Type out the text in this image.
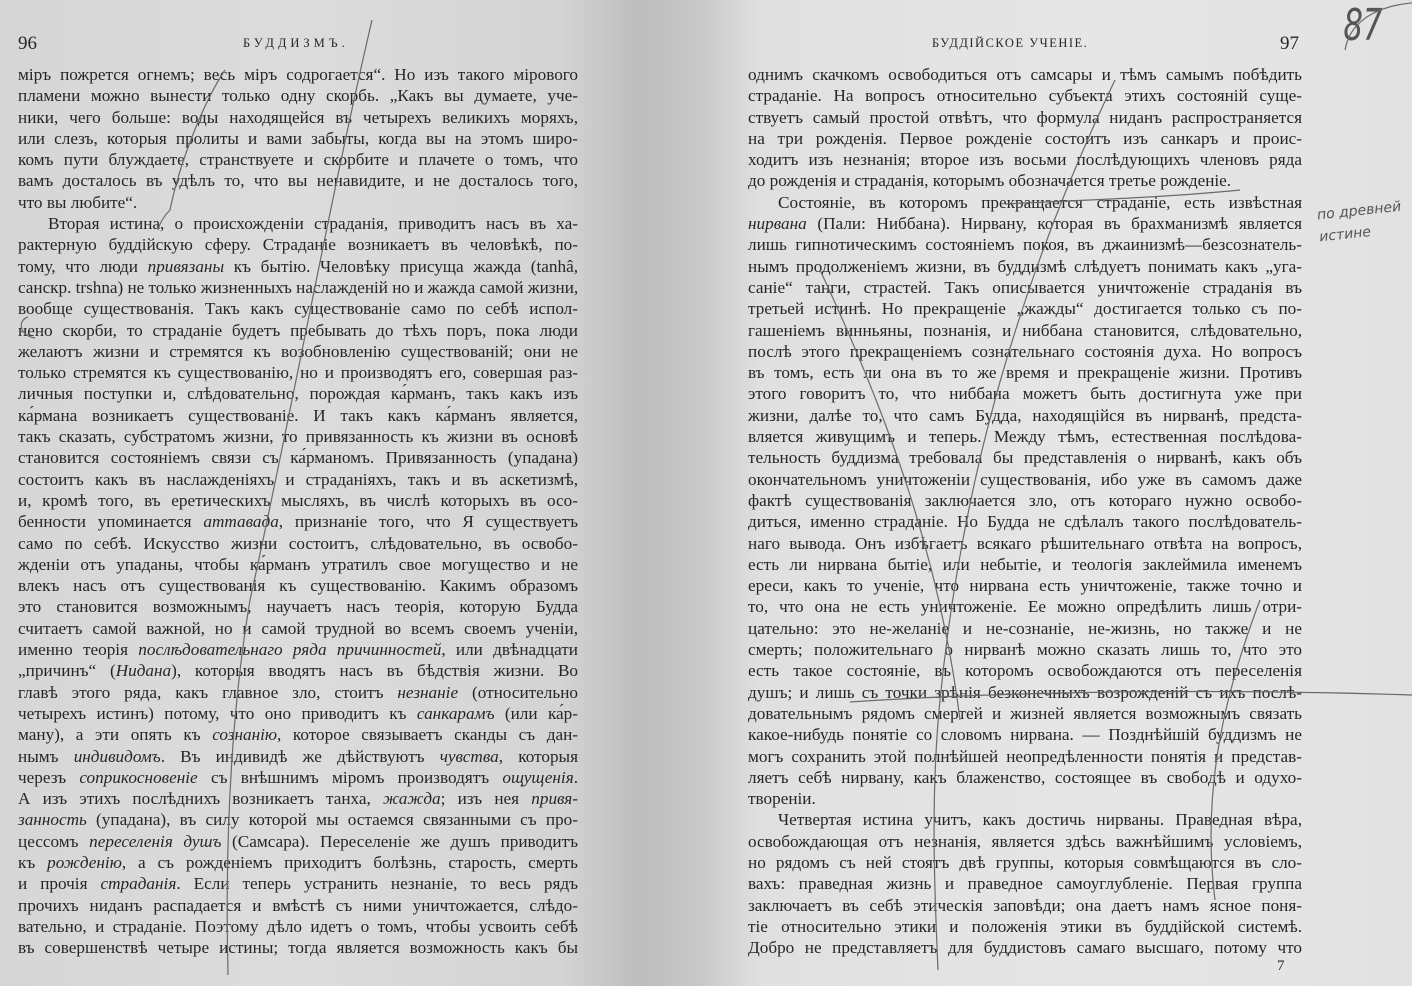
96	БУДДИЗМЪ.
міръ пожрется огнемъ; весь міръ содрогается“. Но изъ такого мірового
пламени можно вынести только одну скорбь. „Какъ вы думаете, уче-
ники, чего больше: воды находящейся въ четырехъ великихъ моряхъ,
или слезъ, которыя пролиты и вами забыты, когда вы на этомъ широ-
комъ пути блуждаете, странствуете и скорбите и плачете о томъ, что
вамъ досталось въ удѣлъ то, что вы ненавидите, и не досталось того,
что вы любите“.
Вторая истина, о происхожденіи страданія, приводитъ насъ въ ха-
рактерную буддійскую сферу. Страданіе возникаетъ въ человѣкѣ, по-
тому, что люди привязаны къ бытію. Человѣку присуща жажда (tanhâ,
санскр. trshna) не только жизненныхъ наслажденій но и жажда самой жизни,
вообще существованія. Такъ какъ существованіе само по себѣ испол-
нено скорби, то страданіе будетъ пребывать до тѣхъ поръ, пока люди
желаютъ жизни и стремятся къ возобновленію существованій; они не
только стремятся къ существованію, но и производятъ его, совершая раз-
личныя поступки и, слѣдовательно, порождая ка́рманъ, такъ какъ изъ
ка́рмана возникаетъ существованіе. И такъ какъ ка́рманъ является,
такъ сказать, субстратомъ жизни, то привязанность къ жизни въ основѣ
становится состояніемъ связи съ ка́рманомъ. Привязанность (упадана)
состоитъ какъ въ наслажденіяхъ и страданіяхъ, такъ и въ аскетизмѣ,
и, кромѣ того, въ еретическихъ мысляхъ, въ числѣ которыхъ въ осо-
бенности упоминается аттавада, признаніе того, что Я существуетъ
само по себѣ. Искусство жизни состоитъ, слѣдовательно, въ освобо-
жденіи отъ упаданы, чтобы ка́рманъ утратилъ свое могущество и не
влекъ насъ отъ существованія къ существованію. Какимъ образомъ
это становится возможнымъ, научаетъ насъ теорія, которую Будда
считаетъ самой важной, но и самой трудной во всемъ своемъ ученіи,
именно теорія послѣдовательнаго ряда причинностей, или двѣнадцати
„причинъ“ (Нидана), которыя вводятъ насъ въ бѣдствія жизни. Во
главѣ этого ряда, какъ главное зло, стоитъ незнаніе (относительно
четырехъ истинъ) потому, что оно приводитъ къ санкарамъ (или ка́р-
ману), а эти опять къ сознанію, которое связываетъ сканды съ дан-
нымъ индивидомъ. Въ индивидѣ же дѣйствуютъ чувства, которыя
черезъ соприкосновеніе съ внѣшнимъ міромъ производятъ ощущенія.
А изъ этихъ послѣднихъ возникаетъ танха, жажда; изъ нея привя-
занность (упадана), въ силу которой мы остаемся связанными съ про-
цессомъ переселенія душъ (Самсара). Переселеніе же душъ приводитъ
къ рожденію, а съ рожденіемъ приходитъ болѣзнь, старость, смерть
и прочія страданія. Если теперь устранить незнаніе, то весь рядъ
прочихъ ниданъ распадается и вмѣстѣ съ ними уничтожается, слѣдо-
вательно, и страданіе. Поэтому дѣло идетъ о томъ, чтобы усвоить себѣ
въ совершенствѣ четыре истины; тогда является возможность какъ бы
БУДДІЙСКОЕ УЧЕНІЕ.	97
однимъ скачкомъ освободиться отъ самсары и тѣмъ самымъ побѣдить
страданіе. На вопросъ относительно субъекта этихъ состояній суще-
ствуетъ самый простой отвѣтъ, что формула ниданъ распространяется
на три рожденія. Первое рожденіе состоитъ изъ санкаръ и проис-
ходитъ изъ незнанія; второе изъ восьми послѣдующихъ членовъ ряда
до рожденія и страданія, которымъ обозначается третье рожденіе.
Состояніе, въ которомъ прекращается страданіе, есть извѣстная
нирвана (Пали: Ниббана). Нирвану, которая въ брахманизмѣ является
лишь гипнотическимъ состояніемъ покоя, въ джаинизмѣ—безсознатель-
нымъ продолженіемъ жизни, въ буддизмѣ слѣдуетъ понимать какъ „уга-
саніе“ танги, страстей. Такъ описывается уничтоженіе страданія въ
третьей истинѣ. Но прекращеніе „жажды“ достигается только съ по-
гашеніемъ винньяны, познанія, и ниббана становится, слѣдовательно,
послѣ этого прекращеніемъ сознательнаго состоянія духа. Но вопросъ
въ томъ, есть ли она въ то же время и прекращеніе жизни. Противъ
этого говоритъ то, что ниббана можетъ быть достигнута уже при
жизни, далѣе то, что самъ Будда, находящійся въ нирванѣ, предста-
вляется живущимъ и теперь. Между тѣмъ, естественная послѣдова-
тельность буддизма требовала бы представленія о нирванѣ, какъ объ
окончательномъ уничтоженіи существованія, ибо уже въ самомъ даже
фактѣ существованія заключается зло, отъ котораго нужно освобо-
диться, именно страданіе. Но Будда не сдѣлалъ такого послѣдователь-
наго вывода. Онъ избѣгаетъ всякаго рѣшительнаго отвѣта на вопросъ,
есть ли нирвана бытіе, или небытіе, и теологія заклеймила именемъ
ереси, какъ то ученіе, что нирвана есть уничтоженіе, также точно и
то, что она не есть уничтоженіе. Ее можно опредѣлить лишь отри-
цательно: это не-желаніе и не-сознаніе, не-жизнь, но также и не
смерть; положительнаго о нирванѣ можно сказать лишь то, что это
есть такое состояніе, въ которомъ освобождаются отъ переселенія
душъ; и лишь съ точки зрѣнія безконечныхъ возрожденій съ ихъ послѣ-
довательнымъ рядомъ смертей и жизней является возможнымъ связать
какое-нибудь понятіе со словомъ нирвана. — Позднѣйшій буддизмъ не
могъ сохранить этой полнѣйшей неопредѣленности понятія и представ-
ляетъ себѣ нирвану, какъ блаженство, состоящее въ свободѣ и одухо-
твореніи.
Четвертая истина учитъ, какъ достичь нирваны. Праведная вѣра,
освобождающая отъ незнанія, является здѣсь важнѣйшимъ условіемъ,
но рядомъ съ ней стоятъ двѣ группы, которыя совмѣщаются въ сло-
вахъ: праведная жизнь и праведное самоуглубленіе. Первая группа
заключаетъ въ себѣ этическія заповѣди; она даетъ намъ ясное поня-
тіе относительно этики и положенія этики въ буддійской системѣ.
Добро не представляетъ для буддистовъ самаго высшаго, потому что
7
87
по древней
истине
